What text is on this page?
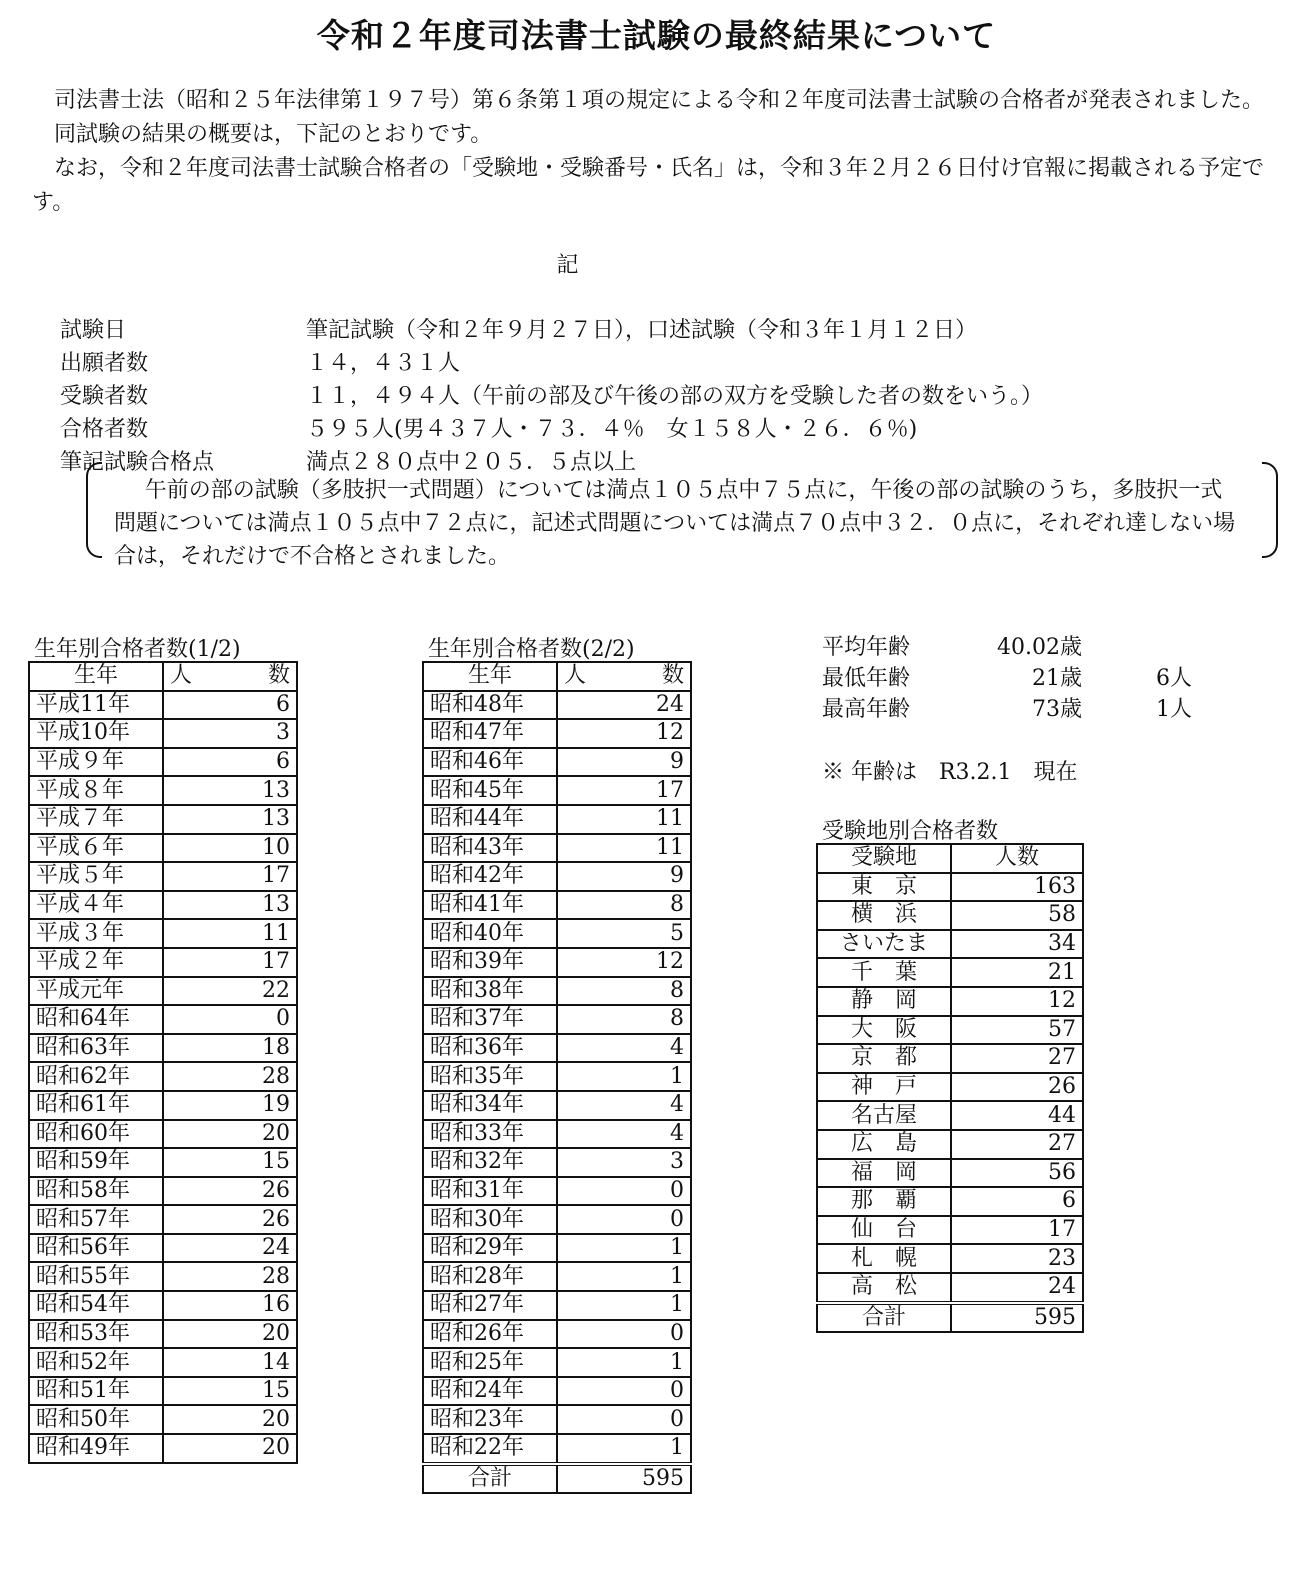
令和２年度司法書士試験の最終結果について

司法書士法（昭和２５年法律第１９７号）第６条第１項の規定による令和２年度司法書士試験の合格者が発表されました。

同試験の結果の概要は，下記のとおりです。

なお，令和２年度司法書士試験合格者の「受験地・受験番号・氏名」は，令和３年２月２６日付け官報に掲載される予定です。

記
試験日	筆記試験（令和２年９月２７日），口述試験（令和３年１月１２日）
出願者数	１４，４３１人
受験者数	１１，４９４人（午前の部及び午後の部の双方を受験した者の数をいう。）
合格者数	５９５人(男４３７人・７３．４％　女１５８人・２６．６％)
筆記試験合格点	満点２８０点中２０５．５点以上
午前の部の試験（多肢択一式問題）については満点１０５点中７５点に，午後の部の試験のうち，多肢択一式問題については満点１０５点中７２点に，記述式問題については満点７０点中３２．０点に，それぞれ達しない場合は，それだけで不合格とされました。
生年別合格者数(1/2)
生年	人 数

平成11年	6
平成10年	3
平成９年	6
平成８年	13
平成７年	13
平成６年	10
平成５年	17
平成４年	13
平成３年	11
平成２年	17
平成元年	22
昭和64年	0
昭和63年	18
昭和62年	28
昭和61年	19
昭和60年	20
昭和59年	15
昭和58年	26
昭和57年	26
昭和56年	24
昭和55年	28
昭和54年	16
昭和53年	20
昭和52年	14
昭和51年	15
昭和50年	20
昭和49年	20
生年別合格者数(2/2)
生年	人 数

昭和48年	24
昭和47年	12
昭和46年	9
昭和45年	17
昭和44年	11
昭和43年	11
昭和42年	9
昭和41年	8
昭和40年	5
昭和39年	12
昭和38年	8
昭和37年	8
昭和36年	4
昭和35年	1
昭和34年	4
昭和33年	4
昭和32年	3
昭和31年	0
昭和30年	0
昭和29年	1
昭和28年	1
昭和27年	1
昭和26年	0
昭和25年	1
昭和24年	0
昭和23年	0
昭和22年	1
合計	595
平均年齢	40.02歳
最低年齢	21歳	6人
最高年齢	73歳	1人
※ 年齢は　R3.2.1　現在
受験地別合格者数
受験地	人数
東　京	163
横　浜	58
さいたま	34
千　葉	21
静　岡	12
大　阪	57
京　都	27
神　戸	26
名古屋	44
広　島	27
福　岡	56
那　覇	6
仙　台	17
札　幌	23
高　松	24
合計	595
